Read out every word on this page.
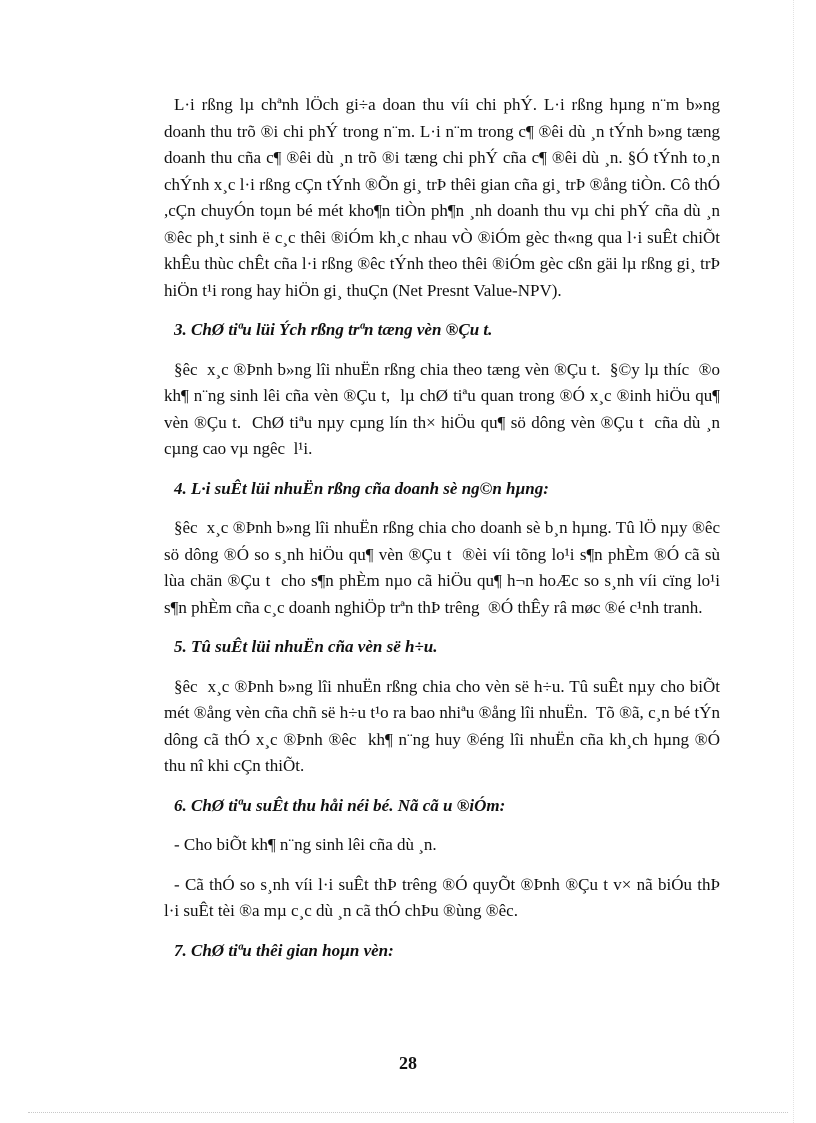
L·i rßng lµ chªnh lÖch gi÷a doan thu víi chi phÝ. L·i rßng hµng n¨m b»ng doanh thu trõ ®i chi phÝ trong n¨m. L·i n¨m trong c¶ ®êi dù ¸n tÝnh b»ng tæng doanh thu cña c¶ ®êi dù ¸n trõ ®i tæng chi phÝ cña c¶ ®êi dù ¸n. §Ó tÝnh to¸n chÝnh x¸c l·i rßng cÇn tÝnh ®Õn gi¸ trÞ thêi gian cña gi¸ trÞ ®ång tiÒn. Cô thÓ ,cÇn chuyÓn toµn bé mét kho¶n tiÒn ph¶n ¸nh doanh thu vµ chi phÝ cña dù ¸n ®êc ph¸t sinh ë c¸c thêi ®iÓm kh¸c nhau vÒ ®iÓm gèc th«ng qua l·i suÊt chiÕt khÊu thùc chÊt cña l·i rßng ®êc tÝnh theo thêi ®iÓm gèc cßn gäi lµ rßng gi¸ trÞ hiÖn t¹i rong hay hiÖn gi¸ thuÇn (Net Presnt Value-NPV).

3. ChØ tiªu lüi Ých rßng trªn tæng vèn ®Çu t.

§êc  x¸c ®Þnh b»ng lîi nhuËn rßng chia theo tæng vèn ®Çu t.  §©y lµ thíc  ®o kh¶ n¨ng sinh lêi cña vèn ®Çu t,  lµ chØ tiªu quan trong ®Ó x¸c ®inh hiÖu qu¶ vèn ®Çu t.  ChØ tiªu nµy cµng lín th× hiÖu qu¶ sö dông vèn ®Çu t  cña dù ¸n cµng cao vµ ngêc  l¹i.

4. L·i suÊt lüi nhuËn rßng cña doanh sè ng©n hµng:

§êc  x¸c ®Þnh b»ng lîi nhuËn rßng chia cho doanh sè b¸n hµng. Tû lÖ nµy ®êc  sö dông ®Ó so s¸nh hiÖu qu¶ vèn ®Çu t  ®èi víi tõng lo¹i s¶n phÈm ®Ó cã sù lùa chän ®Çu t  cho s¶n phÈm nµo cã hiÖu qu¶ h¬n hoÆc so s¸nh víi cïng lo¹i s¶n phÈm cña c¸c doanh nghiÖp trªn thÞ trêng  ®Ó thÊy râ møc ®é c¹nh tranh.

5. Tû suÊt lüi nhuËn cña vèn së h÷u.

§êc  x¸c ®Þnh b»ng lîi nhuËn rßng chia cho vèn së h÷u. Tû suÊt nµy cho biÕt mét ®ång vèn cña chñ së h÷u t¹o ra bao nhiªu ®ång lîi nhuËn.  Tõ ®ã, c¸n bé tÝn  dông cã thÓ x¸c ®Þnh ®êc  kh¶ n¨ng huy ®éng lîi nhuËn cña kh¸ch hµng ®Ó thu nî khi cÇn thiÕt.

6. ChØ tiªu suÊt thu håi néi bé. Nã cã u ®iÓm:

- Cho biÕt kh¶ n¨ng sinh lêi cña dù ¸n.

- Cã thÓ so s¸nh víi l·i suÊt thÞ trêng ®Ó quyÕt ®Þnh ®Çu t v× nã biÓu thÞ l·i suÊt tèi ®a mµ c¸c dù ¸n cã thÓ chÞu ®ùng ®êc.

7. ChØ tiªu thêi gian hoµn vèn:

28
